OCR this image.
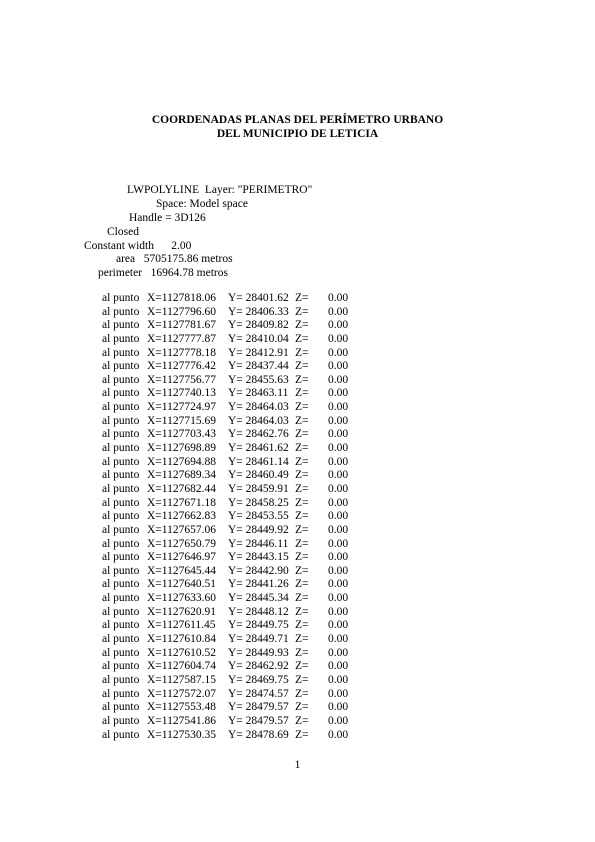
COORDENADAS PLANAS DEL PERÍMETRO URBANO
DEL MUNICIPIO DE LETICIA
LWPOLYLINE  Layer: "PERIMETRO"
Space: Model space
Handle = 3D126
Closed
Constant width      2.00
area   5705175.86 metros
perimeter   16964.78 metros
al punto X=1127818.06 Y= 28401.62 Z= 0.00
al punto X=1127796.60 Y= 28406.33 Z= 0.00
al punto X=1127781.67 Y= 28409.82 Z= 0.00
al punto X=1127777.87 Y= 28410.04 Z= 0.00
al punto X=1127778.18 Y= 28412.91 Z= 0.00
al punto X=1127776.42 Y= 28437.44 Z= 0.00
al punto X=1127756.77 Y= 28455.63 Z= 0.00
al punto X=1127740.13 Y= 28463.11 Z= 0.00
al punto X=1127724.97 Y= 28464.03 Z= 0.00
al punto X=1127715.69 Y= 28464.03 Z= 0.00
al punto X=1127703.43 Y= 28462.76 Z= 0.00
al punto X=1127698.89 Y= 28461.62 Z= 0.00
al punto X=1127694.88 Y= 28461.14 Z= 0.00
al punto X=1127689.34 Y= 28460.49 Z= 0.00
al punto X=1127682.44 Y= 28459.91 Z= 0.00
al punto X=1127671.18 Y= 28458.25 Z= 0.00
al punto X=1127662.83 Y= 28453.55 Z= 0.00
al punto X=1127657.06 Y= 28449.92 Z= 0.00
al punto X=1127650.79 Y= 28446.11 Z= 0.00
al punto X=1127646.97 Y= 28443.15 Z= 0.00
al punto X=1127645.44 Y= 28442.90 Z= 0.00
al punto X=1127640.51 Y= 28441.26 Z= 0.00
al punto X=1127633.60 Y= 28445.34 Z= 0.00
al punto X=1127620.91 Y= 28448.12 Z= 0.00
al punto X=1127611.45 Y= 28449.75 Z= 0.00
al punto X=1127610.84 Y= 28449.71 Z= 0.00
al punto X=1127610.52 Y= 28449.93 Z= 0.00
al punto X=1127604.74 Y= 28462.92 Z= 0.00
al punto X=1127587.15 Y= 28469.75 Z= 0.00
al punto X=1127572.07 Y= 28474.57 Z= 0.00
al punto X=1127553.48 Y= 28479.57 Z= 0.00
al punto X=1127541.86 Y= 28479.57 Z= 0.00
al punto X=1127530.35 Y= 28478.69 Z= 0.00
1
